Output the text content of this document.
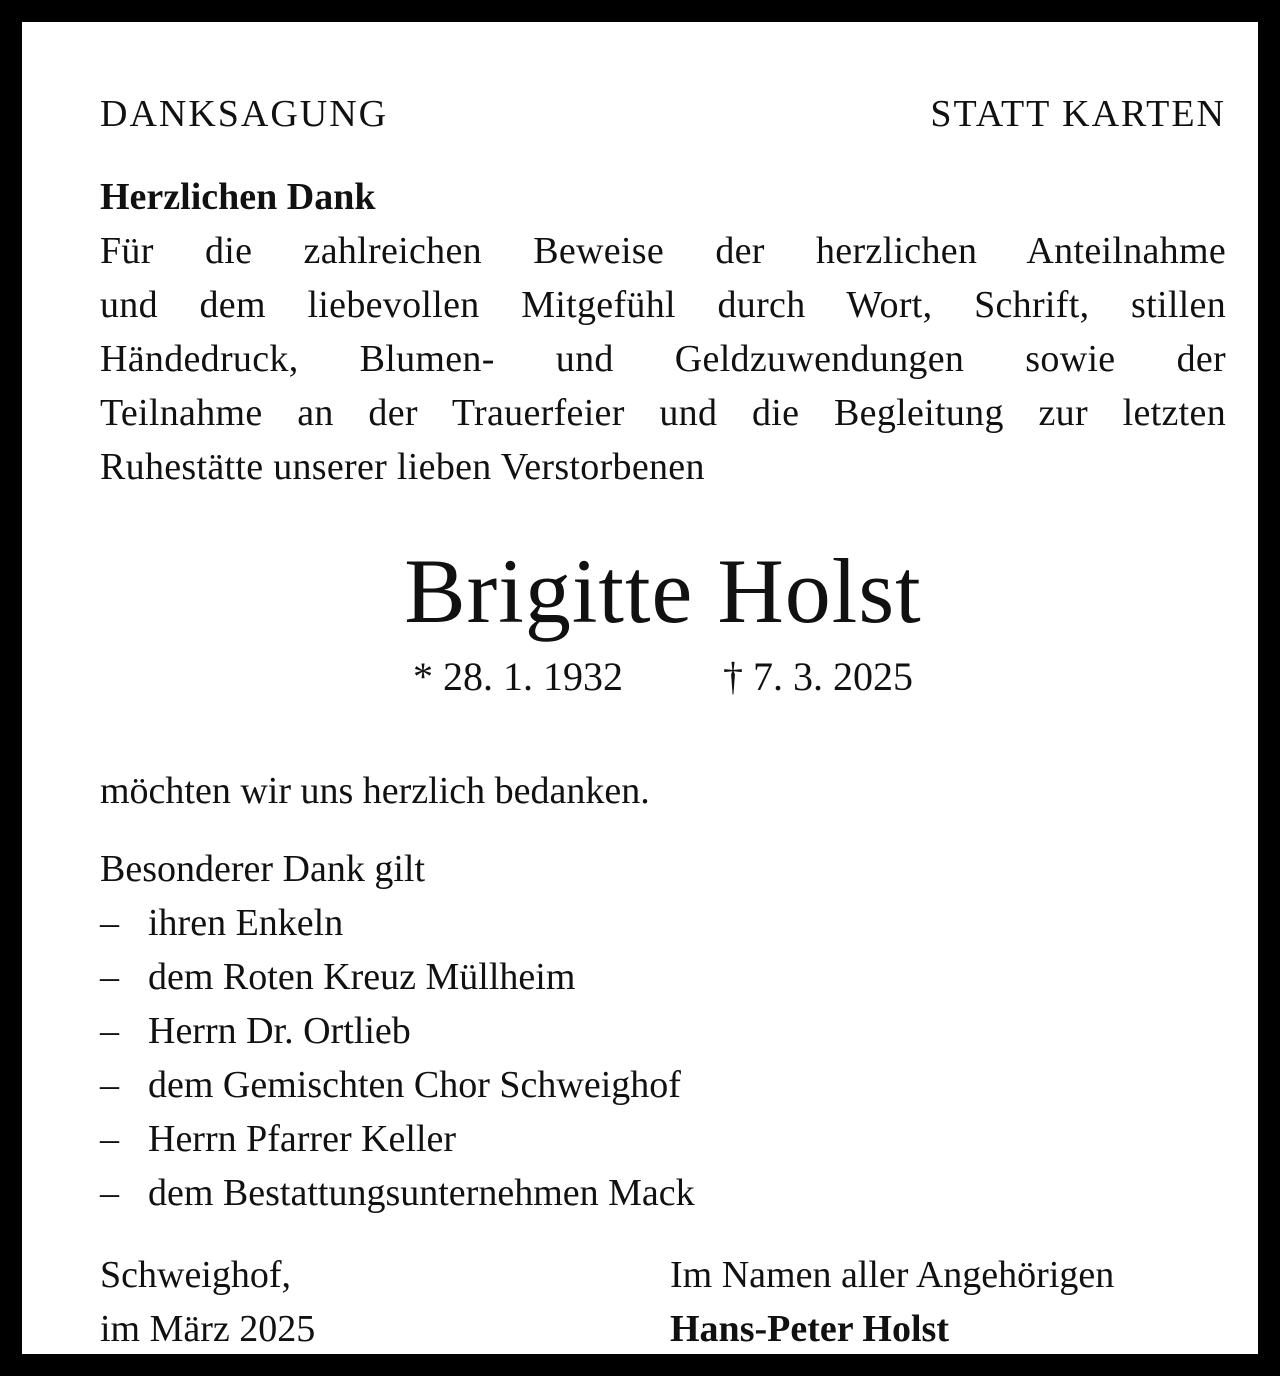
DANKSAGUNG	STATT KARTEN
Herzlichen Dank
Für die zahlreichen Beweise der herzlichen Anteilnahme
und dem liebevollen Mitgefühl durch Wort, Schrift, stillen
Händedruck, Blumen- und Geldzuwendungen sowie der
Teilnahme an der Trauerfeier und die Begleitung zur letzten
Ruhestätte unserer lieben Verstorbenen
Brigitte Holst
* 28. 1. 1932	† 7. 3. 2025
möchten wir uns herzlich bedanken.
Besonderer Dank gilt
– ihren Enkeln
– dem Roten Kreuz Müllheim
– Herrn Dr. Ortlieb
– dem Gemischten Chor Schweighof
– Herrn Pfarrer Keller
– dem Bestattungsunternehmen Mack
Schweighof,
im März 2025
Im Namen aller Angehörigen
Hans-Peter Holst
